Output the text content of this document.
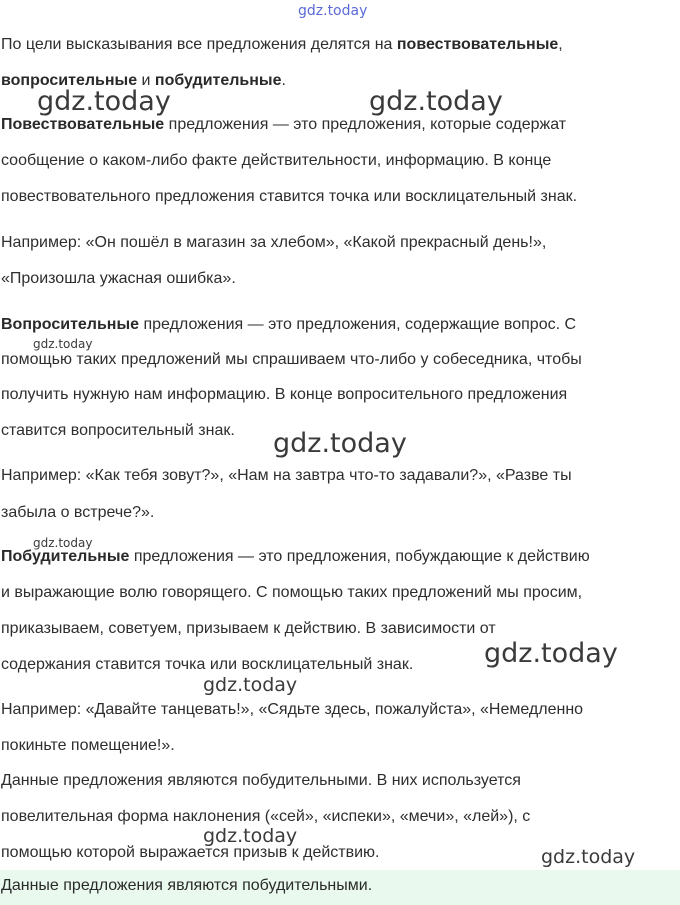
По цели высказывания все предложения делятся на повествовательные,
вопросительные и побудительные.
Повествовательные предложения — это предложения, которые содержат
сообщение о каком-либо факте действительности, информацию. В конце
повествовательного предложения ставится точка или восклицательный знак.
Например: «Он пошёл в магазин за хлебом», «Какой прекрасный день!»,
«Произошла ужасная ошибка».
Вопросительные предложения — это предложения, содержащие вопрос. С
помощью таких предложений мы спрашиваем что-либо у собеседника, чтобы
получить нужную нам информацию. В конце вопросительного предложения
ставится вопросительный знак.
Например: «Как тебя зовут?», «Нам на завтра что-то задавали?», «Разве ты
забыла о встрече?».
Побудительные предложения — это предложения, побуждающие к действию
и выражающие волю говорящего. С помощью таких предложений мы просим,
приказываем, советуем, призываем к действию. В зависимости от
содержания ставится точка или восклицательный знак.
Например: «Давайте танцевать!», «Сядьте здесь, пожалуйста», «Немедленно
покиньте помещение!».
Данные предложения являются побудительными. В них используется
повелительная форма наклонения («сей», «испеки», «мечи», «лей»), с
помощью которой выражается призыв к действию.
Данные предложения являются побудительными.
gdz.today
gdz.today	gdz.today
gdz.today
gdz.today
gdz.today
gdz.today
gdz.today
gdz.today
gdz.today
